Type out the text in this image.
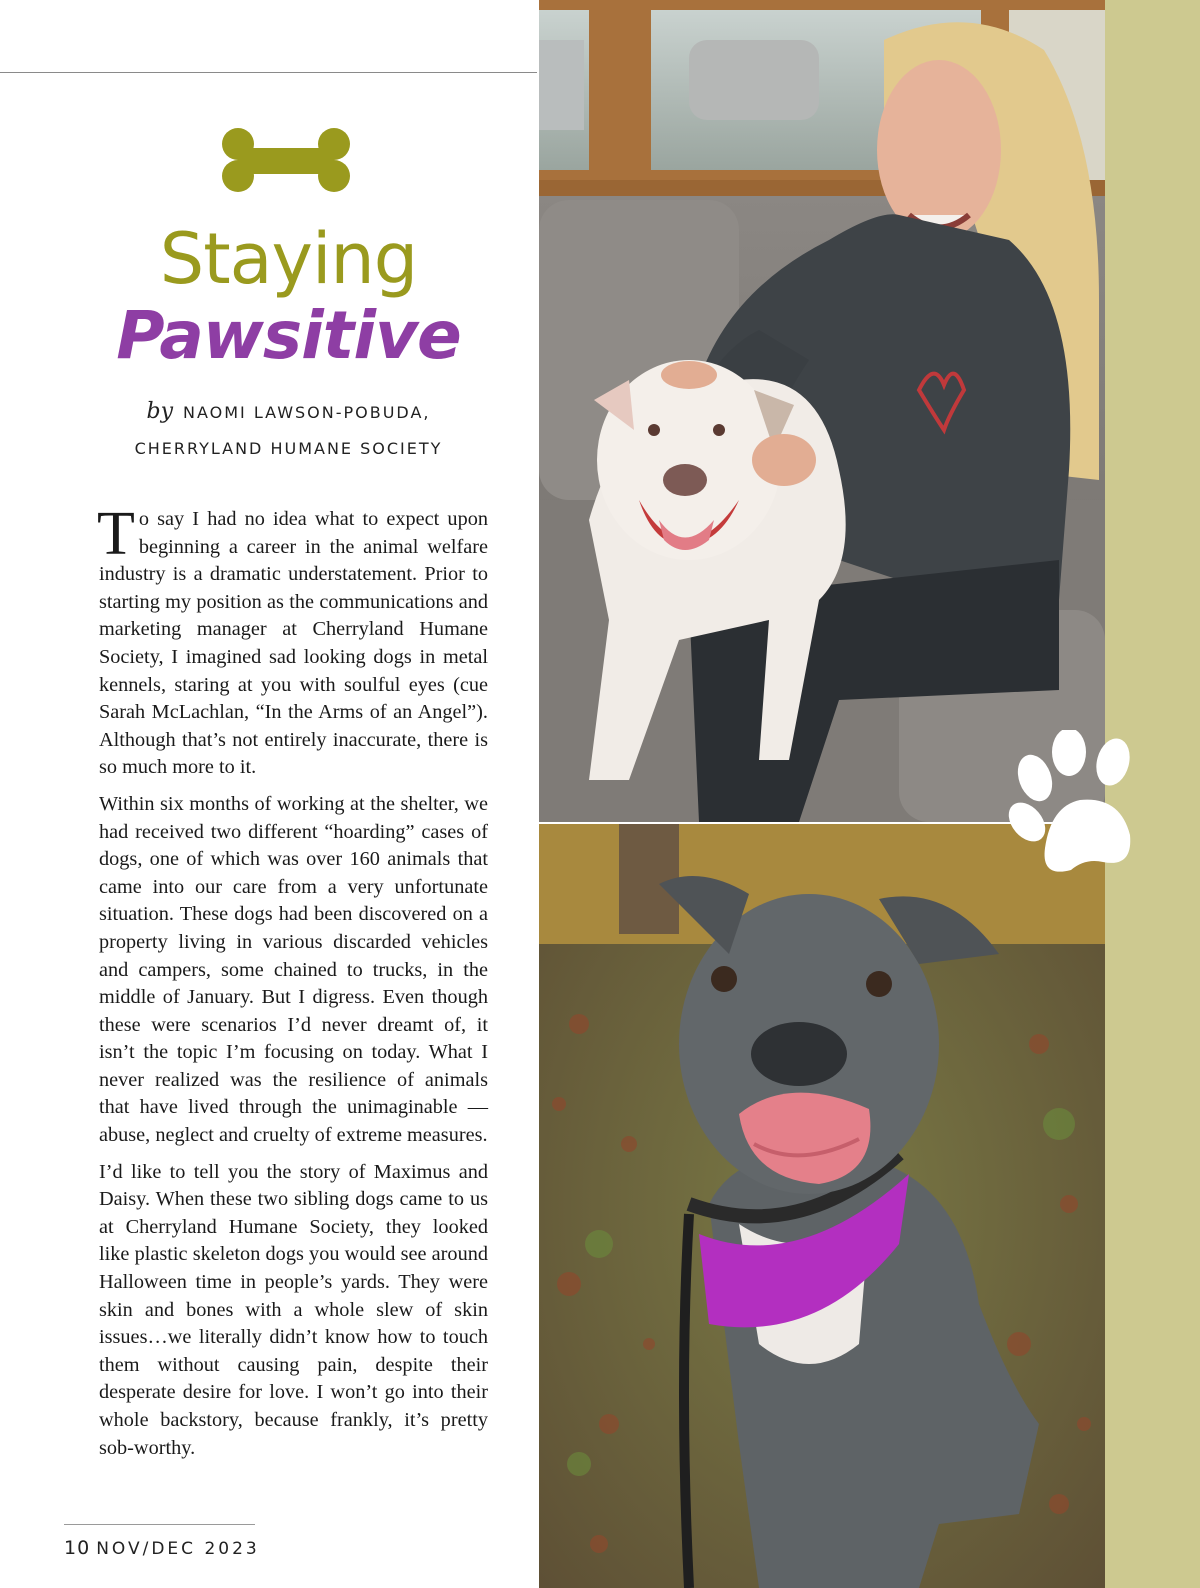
Staying
Pawsitive
by NAOMI LAWSON-POBUDA,
CHERRYLAND HUMANE SOCIETY

To say I had no idea what to expect upon beginning a career in the animal welfare industry is a dramatic understatement. Prior to starting my position as the communications and marketing manager at Cherryland Humane Society, I imagined sad looking dogs in metal kennels, staring at you with soulful eyes (cue Sarah McLachlan, “In the Arms of an Angel”). Although that’s not entirely inaccurate, there is so much more to it.

Within six months of working at the shelter, we had received two different “hoarding” cases of dogs, one of which was over 160 animals that came into our care from a very unfortunate situation. These dogs had been discovered on a property living in various discarded vehicles and campers, some chained to trucks, in the middle of January. But I digress. Even though these were scenarios I’d never dreamt of, it isn’t the topic I’m focusing on today. What I never realized was the resilience of animals that have lived through the unimaginable — abuse, neglect and cruelty of extreme measures.

I’d like to tell you the story of Maximus and Daisy. When these two sibling dogs came to us at Cherryland Humane Society, they looked like plastic skeleton dogs you would see around Halloween time in people’s yards. They were skin and bones with a whole slew of skin issues…we literally didn’t know how to touch them without causing pain, despite their desperate desire for love. I won’t go into their whole backstory, because frankly, it’s pretty sob-worthy.

10 NOV/DEC 2023
